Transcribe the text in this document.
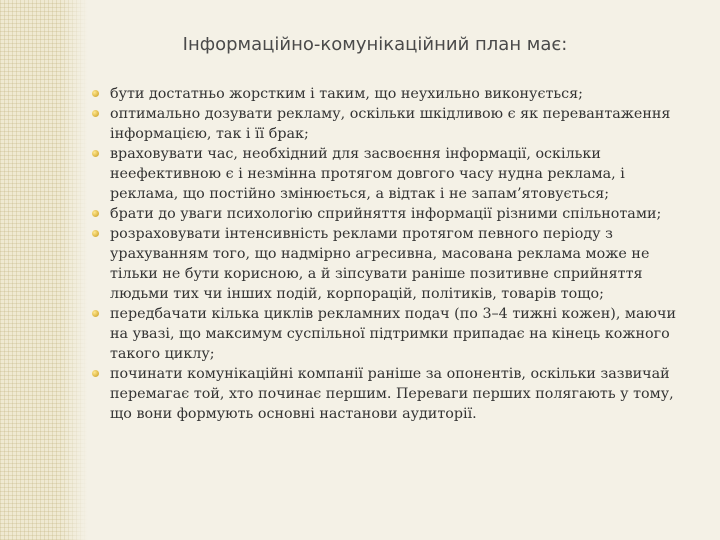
Інформаційно-комунікаційний план має:
бути достатньо жорстким і таким, що неухильно виконується;
оптимально дозувати рекламу, оскільки шкідливою є як перевантаження інформацією, так і її брак;
враховувати час, необхідний для засвоєння інформації, оскільки неефективною є і незмінна протягом довгого часу нудна реклама, і реклама, що постійно змінюється, а відтак і не запам’ятовується;
брати до уваги психологію сприйняття інформації різними спільнотами;
розраховувати інтенсивність реклами протягом певного періоду з урахуванням того, що надмірно агресивна, масована реклама може не тільки не бути корисною, а й зіпсувати раніше позитивне сприйняття людьми тих чи інших подій, корпорацій, політиків, товарів тощо;
передбачати кілька циклів рекламних подач (по 3–4 тижні кожен), маючи на увазі, що максимум суспільної підтримки припадає на кінець кожного такого циклу;
починати комунікаційні компанії раніше за опонентів, оскільки зазвичай перемагає той, хто починає першим. Переваги перших полягають у тому, що вони формують основні настанови аудиторії.
